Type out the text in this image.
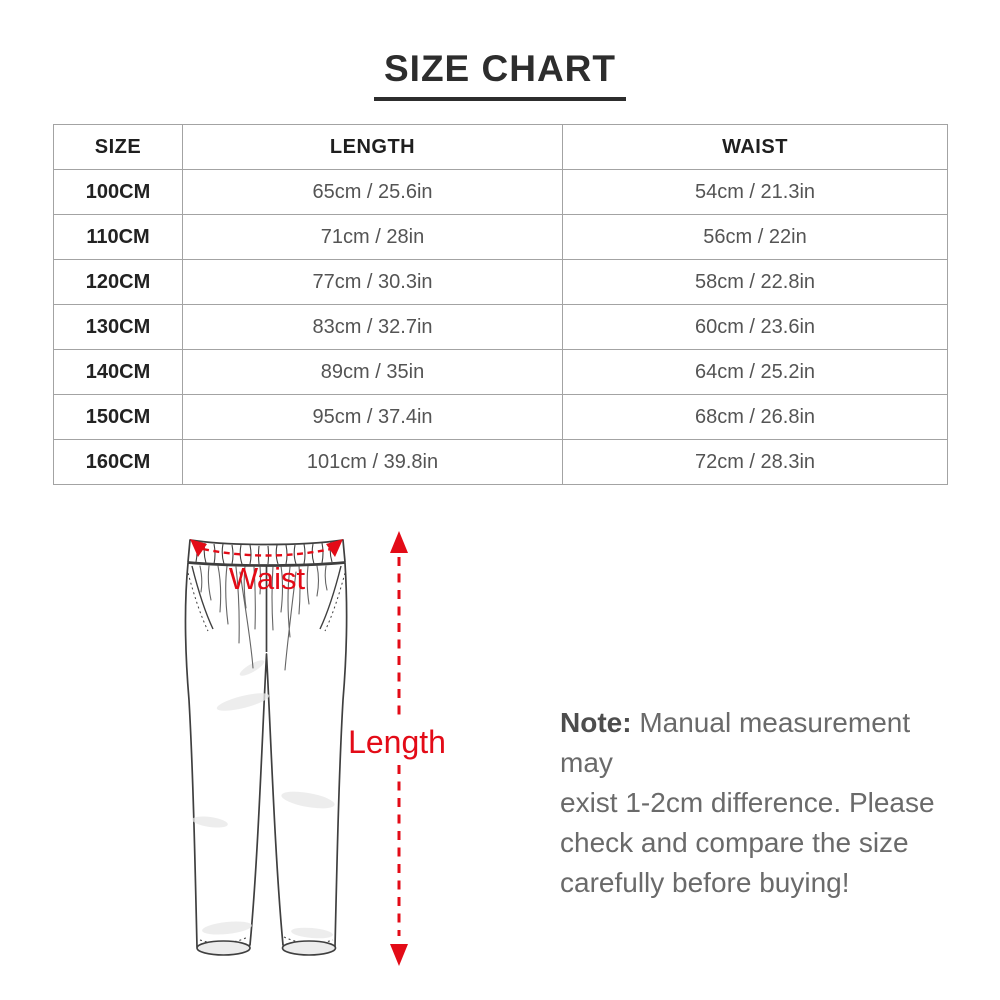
SIZE CHART
SIZE	LENGTH	WAIST
100CM	65cm / 25.6in	54cm / 21.3in
110CM	71cm / 28in	56cm / 22in
120CM	77cm / 30.3in	58cm / 22.8in
130CM	83cm / 32.7in	60cm / 23.6in
140CM	89cm / 35in	64cm / 25.2in
150CM	95cm / 37.4in	68cm / 26.8in
160CM	101cm / 39.8in	72cm / 28.3in
Waist
Length
Note: Manual measurement may
exist 1-2cm difference. Please
check and compare the size
carefully before buying!
